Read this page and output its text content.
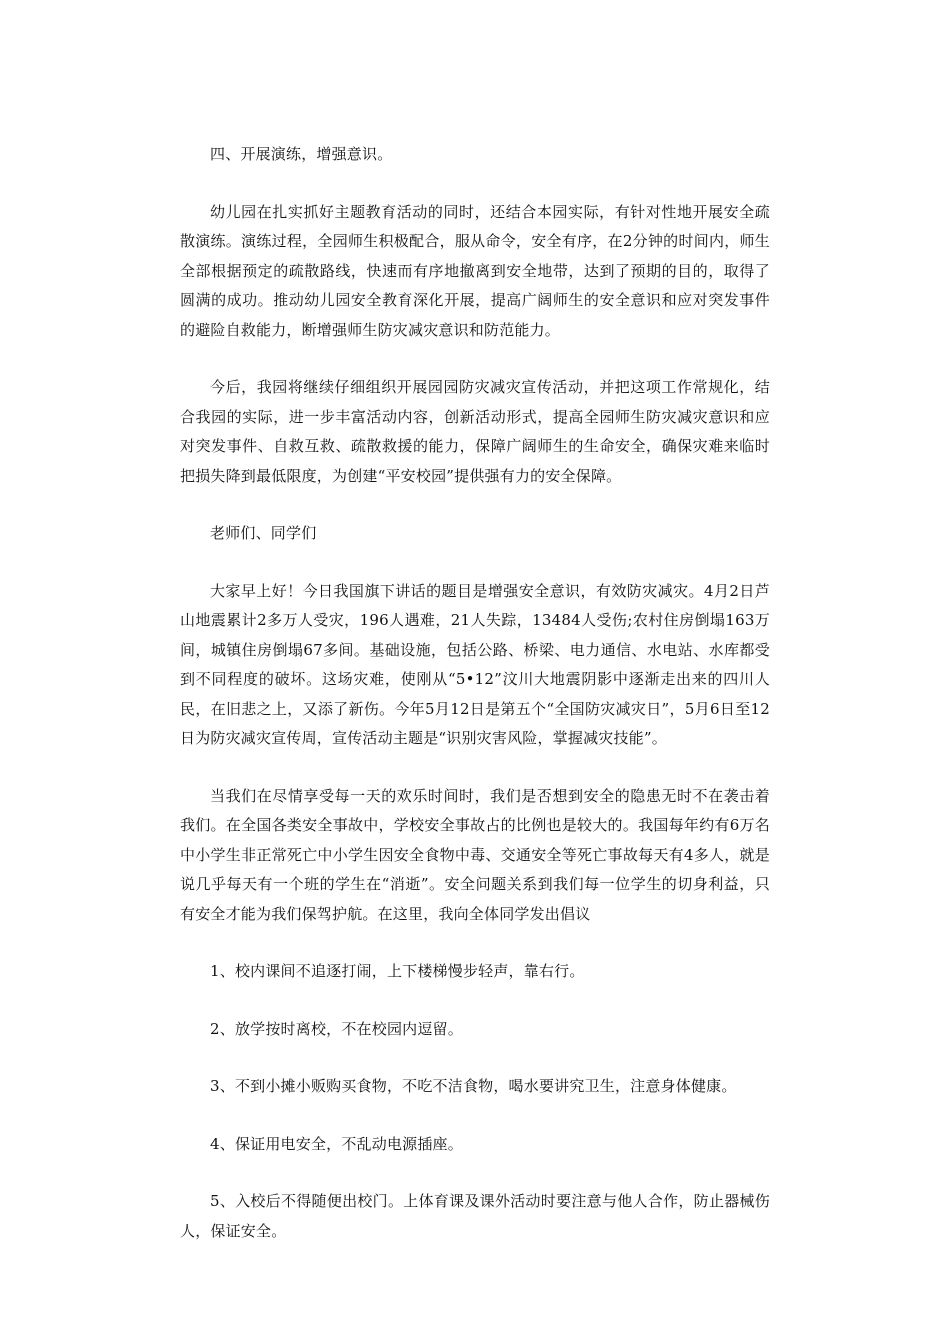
四、开展演练，增强意识。

幼儿园在扎实抓好主题教育活动的同时，还结合本园实际，有针对性地开展安全疏散演练。演练过程，全园师生积极配合，服从命令，安全有序，在2分钟的时间内，师生全部根据预定的疏散路线，快速而有序地撤离到安全地带，达到了预期的目的，取得了圆满的成功。推动幼儿园安全教育深化开展，提高广阔师生的安全意识和应对突发事件的避险自救能力，断增强师生防灾减灾意识和防范能力。

今后，我园将继续仔细组织开展园园防灾减灾宣传活动，并把这项工作常规化，结合我园的实际，进一步丰富活动内容，创新活动形式，提高全园师生防灾减灾意识和应对突发事件、自救互救、疏散救援的能力，保障广阔师生的生命安全，确保灾难来临时把损失降到最低限度，为创建“平安校园”提供强有力的安全保障。

老师们、同学们

大家早上好！今日我国旗下讲话的题目是增强安全意识，有效防灾减灾。4月2日芦山地震累计2多万人受灾，196人遇难，21人失踪，13484人受伤;农村住房倒塌163万间，城镇住房倒塌67多间。基础设施，包括公路、桥梁、电力通信、水电站、水库都受到不同程度的破坏。这场灾难，使刚从“5•12”汶川大地震阴影中逐渐走出来的四川人民，在旧悲之上，又添了新伤。今年5月12日是第五个“全国防灾减灾日”，5月6日至12日为防灾减灾宣传周，宣传活动主题是“识别灾害风险，掌握减灾技能”。

当我们在尽情享受每一天的欢乐时间时，我们是否想到安全的隐患无时不在袭击着我们。在全国各类安全事故中，学校安全事故占的比例也是较大的。我国每年约有6万名中小学生非正常死亡中小学生因安全食物中毒、交通安全等死亡事故每天有4多人，就是说几乎每天有一个班的学生在“消逝”。安全问题关系到我们每一位学生的切身利益，只有安全才能为我们保驾护航。在这里，我向全体同学发出倡议

1、校内课间不追逐打闹，上下楼梯慢步轻声，靠右行。

2、放学按时离校，不在校园内逗留。

3、不到小摊小贩购买食物，不吃不洁食物，喝水要讲究卫生，注意身体健康。

4、保证用电安全，不乱动电源插座。

5、入校后不得随便出校门。上体育课及课外活动时要注意与他人合作，防止器械伤人，保证安全。
